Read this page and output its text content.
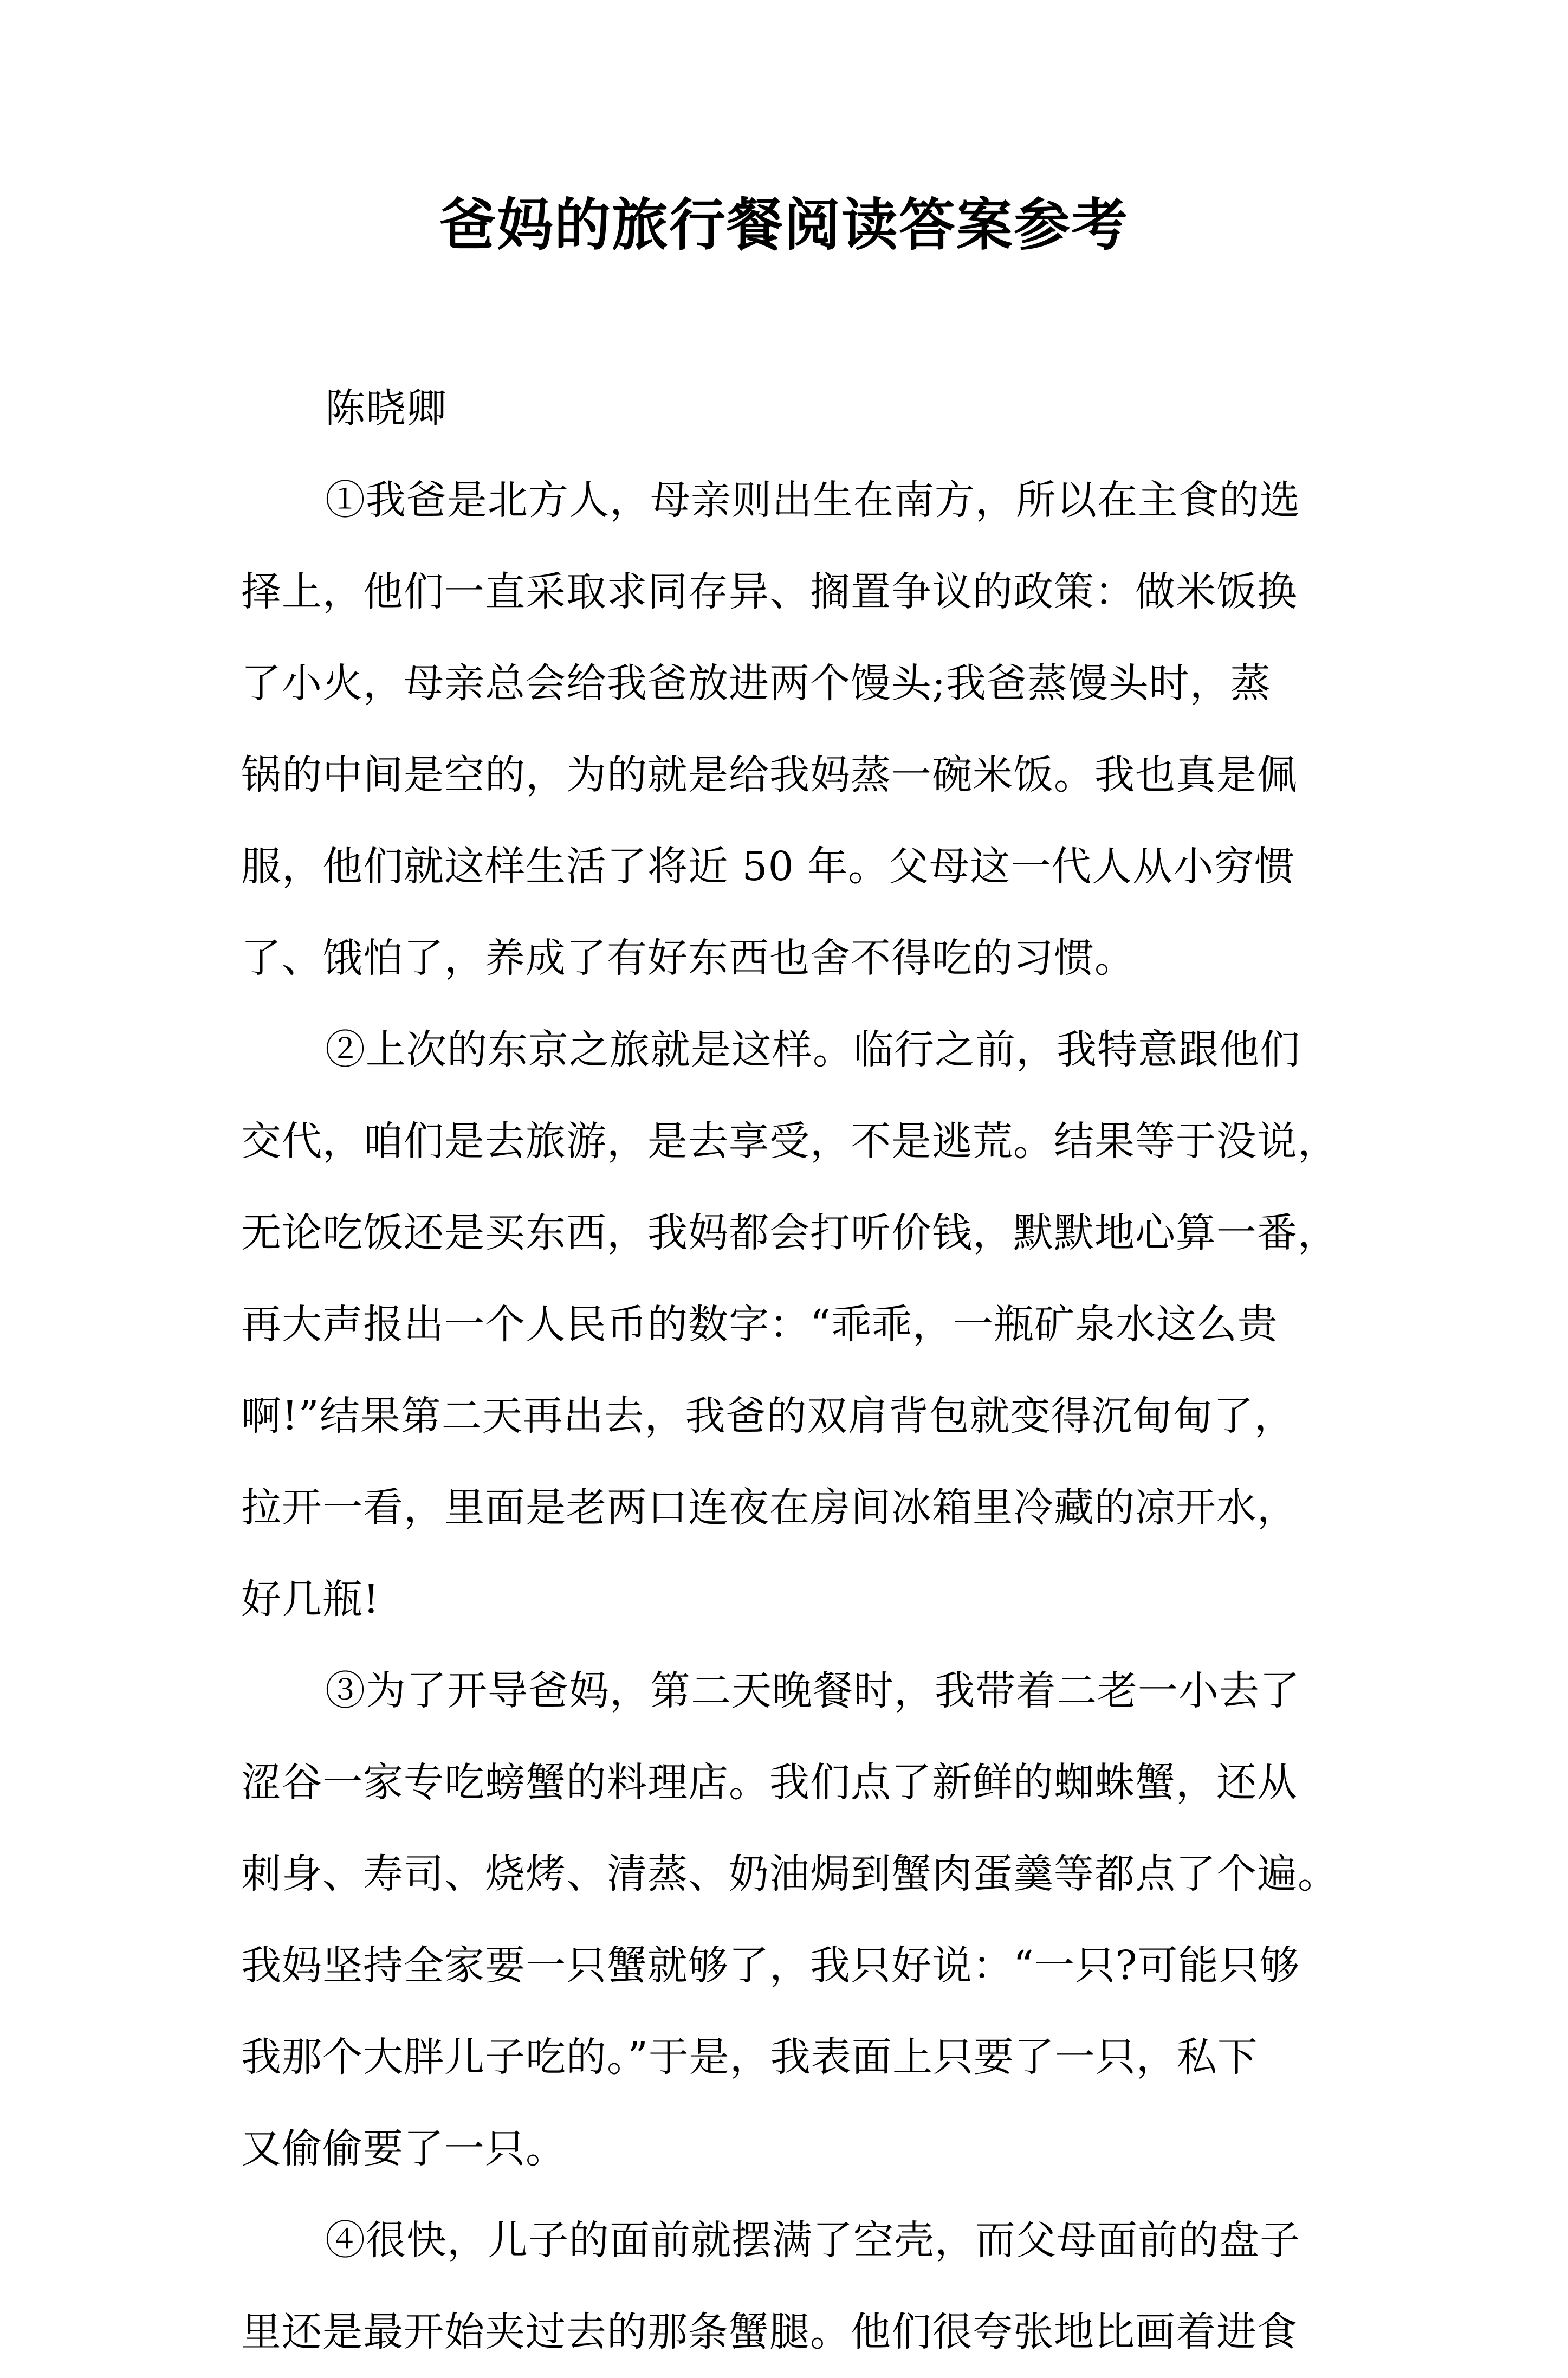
爸妈的旅行餐阅读答案参考
陈晓卿
①我爸是北方人，母亲则出生在南方，所以在主食的选
择上，他们一直采取求同存异、搁置争议的政策：做米饭换
了小火，母亲总会给我爸放进两个馒头;我爸蒸馒头时，蒸
锅的中间是空的，为的就是给我妈蒸一碗米饭。我也真是佩
服，他们就这样生活了将近 50 年。父母这一代人从小穷惯
了、饿怕了，养成了有好东西也舍不得吃的习惯。
②上次的东京之旅就是这样。临行之前，我特意跟他们
交代，咱们是去旅游，是去享受，不是逃荒。结果等于没说，
无论吃饭还是买东西，我妈都会打听价钱，默默地心算一番，
再大声报出一个人民币的数字：“乖乖，一瓶矿泉水这么贵
啊!”结果第二天再出去，我爸的双肩背包就变得沉甸甸了，
拉开一看，里面是老两口连夜在房间冰箱里冷藏的凉开水，
好几瓶!
③为了开导爸妈，第二天晚餐时，我带着二老一小去了
涩谷一家专吃螃蟹的料理店。我们点了新鲜的蜘蛛蟹，还从
刺身、寿司、烧烤、清蒸、奶油焗到蟹肉蛋羹等都点了个遍。
我妈坚持全家要一只蟹就够了，我只好说：“一只?可能只够
我那个大胖儿子吃的。”于是，我表面上只要了一只，私下
又偷偷要了一只。
④很快，儿子的面前就摆满了空壳，而父母面前的盘子
里还是最开始夹过去的那条蟹腿。他们很夸张地比画着进食
